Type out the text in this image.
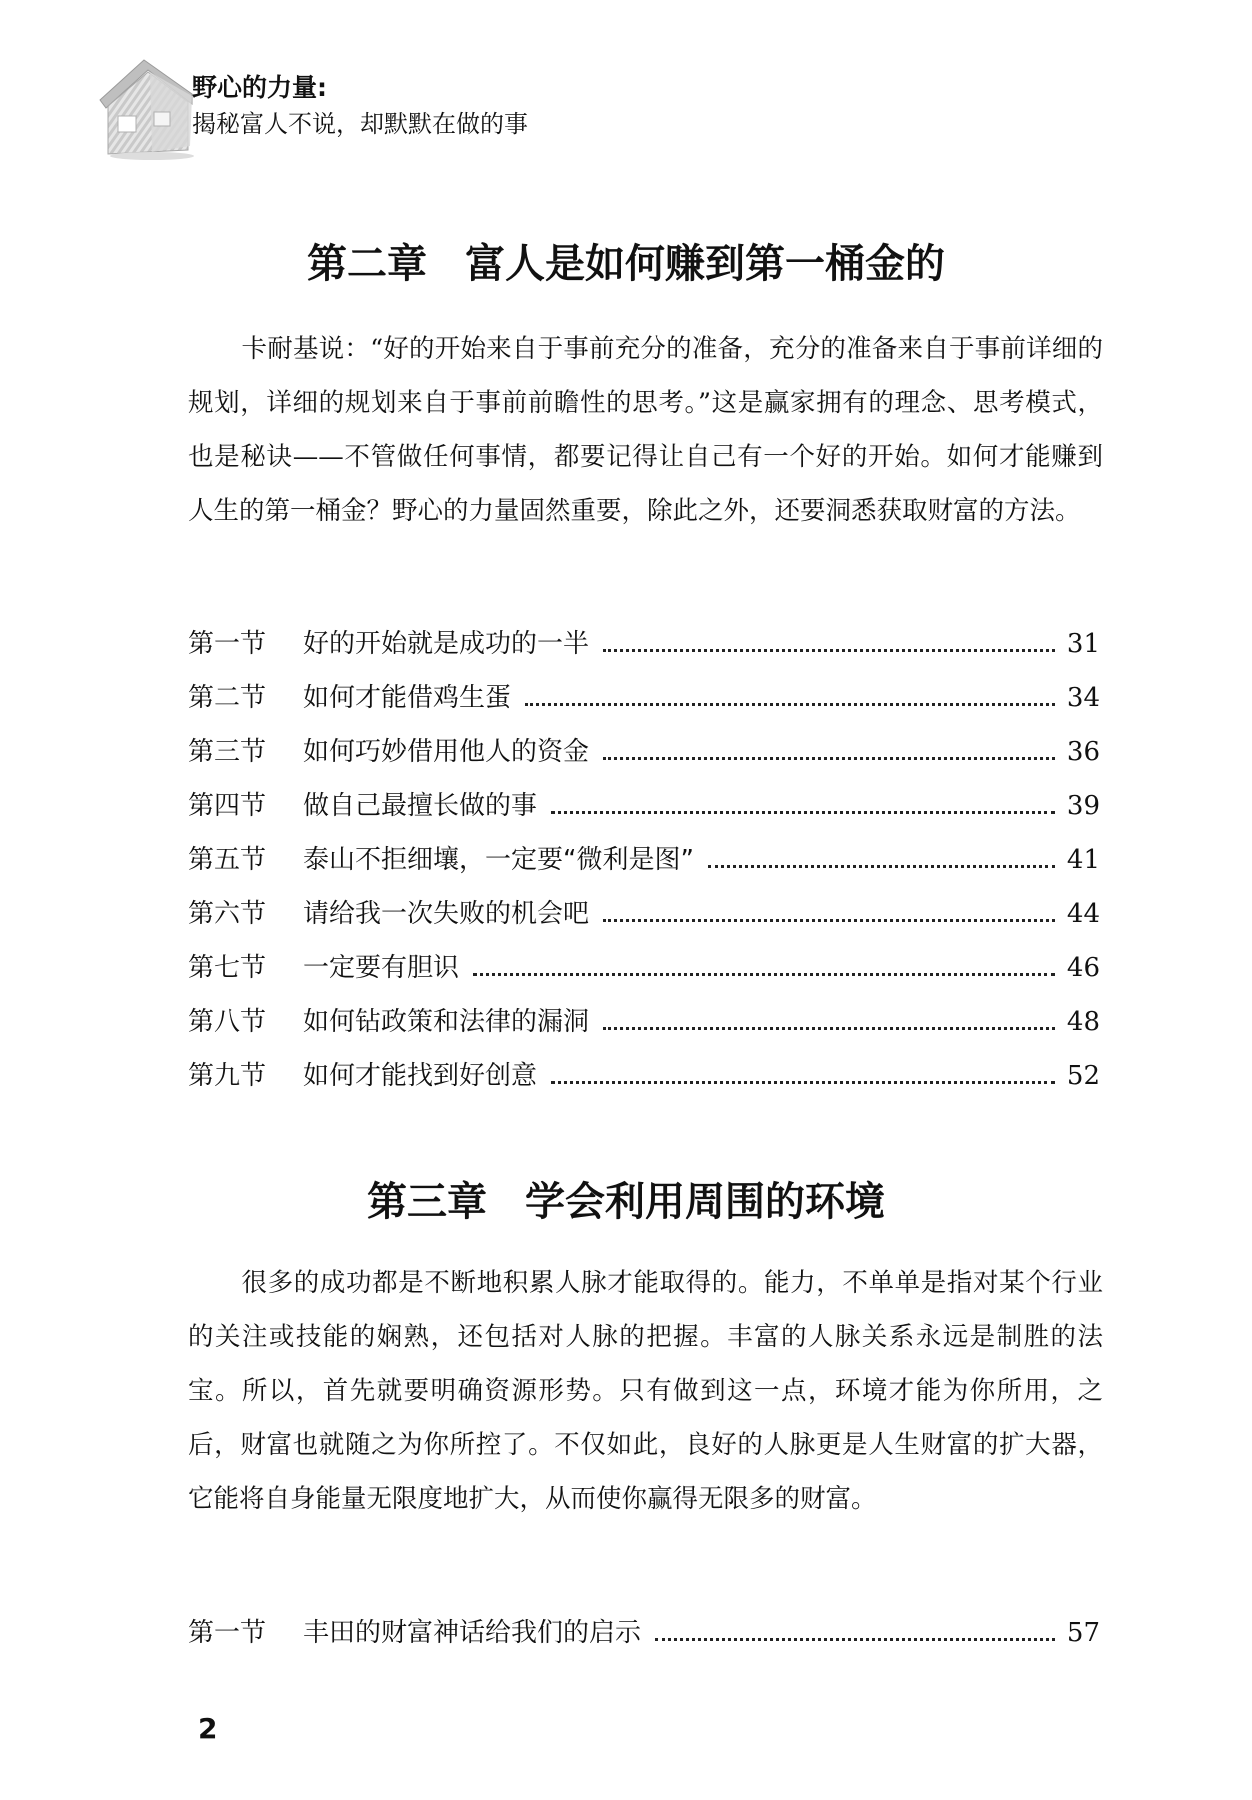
野心的力量:
揭秘富人不说，却默默在做的事
第二章 富人是如何赚到第一桶金的

卡耐基说：“好的开始来自于事前充分的准备，充分的准备来自于事前详细的规划，详细的规划来自于事前前瞻性的思考。”这是赢家拥有的理念、思考模式，也是秘诀——不管做任何事情，都要记得让自己有一个好的开始。如何才能赚到人生的第一桶金？野心的力量固然重要，除此之外，还要洞悉获取财富的方法。

第一节	好的开始就是成功的一半	31
第二节	如何才能借鸡生蛋	34
第三节	如何巧妙借用他人的资金	36
第四节	做自己最擅长做的事	39
第五节	泰山不拒细壤，一定要“微利是图”	41
第六节	请给我一次失败的机会吧	44
第七节	一定要有胆识	46
第八节	如何钻政策和法律的漏洞	48
第九节	如何才能找到好创意	52
第三章 学会利用周围的环境

很多的成功都是不断地积累人脉才能取得的。能力，不单单是指对某个行业的关注或技能的娴熟，还包括对人脉的把握。丰富的人脉关系永远是制胜的法宝。所以，首先就要明确资源形势。只有做到这一点，环境才能为你所用，之后，财富也就随之为你所控了。不仅如此，良好的人脉更是人生财富的扩大器，它能将自身能量无限度地扩大，从而使你赢得无限多的财富。

第一节	丰田的财富神话给我们的启示	57
2
